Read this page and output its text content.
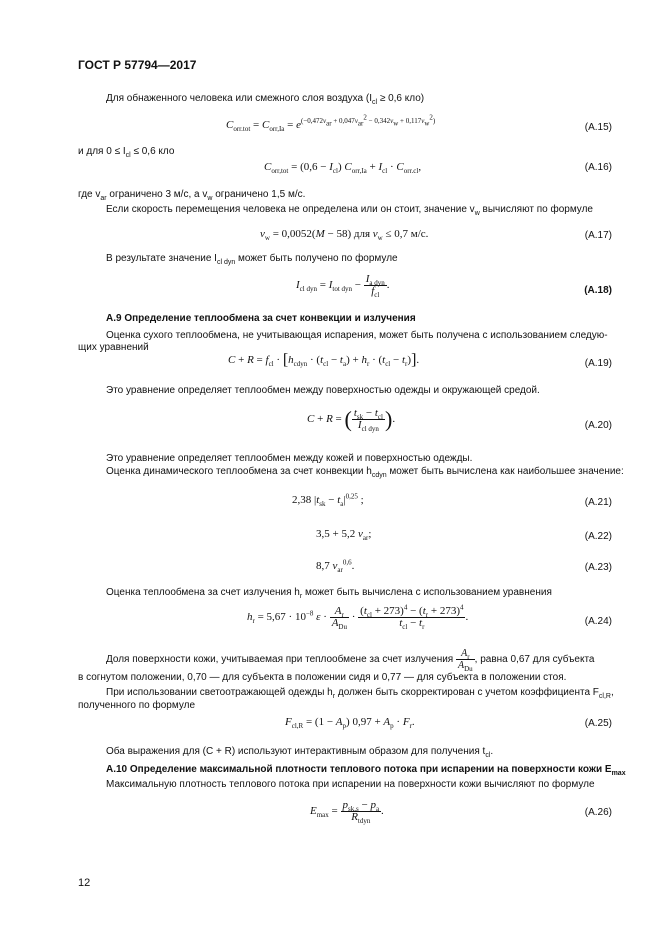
ГОСТ Р 57794—2017
Для обнаженного человека или смежного слоя воздуха ($I_{cl} \ge 0,6$ кло)
$C_{orr.tot} = C_{orr,Ia} = e^{(-0,472v_{ar} + 0,047v_{ar}^2 - 0,342v_w + 0,117v_w^2)}$
(А.15)
и для $0 \le I_{cl} \le 0,6$ кло
$C_{orr,tot} = (0,6 - I_{cl}) C_{orr,Ia} + I_{cl} \cdot C_{orr.cl}$,	(А.16)
где $v_{ar}$ ограничено 3 м/с, а $v_w$ ограничено 1,5 м/с.
Если скорость перемещения человека не определена или он стоит, значение $v_w$ вычисляют по формуле
$v_w = 0,0052(M - 58)$ для $v_w \le 0,7$ м/с.	(А.17)
В результате значение $I_{cl dyn}$ может быть получено по формуле
$I_{cl dyn} = I_{tot dyn} - \frac{I_{a dyn}}{f_{cl}}$ .	(А.18)
А.9 Определение теплообмена за счет конвекции и излучения
Оценка сухого теплообмена, не учитывающая испарения, может быть получена с использованием следую-
щих уравнений
$C + R = f_{cl} \cdot [h_{cdyn} \cdot (t_{cl} - t_a) + h_r \cdot (t_{cl} - t_r)]$.	(А.19)
Это уравнение определяет теплообмен между поверхностью одежды и окружающей средой.
C + R = ( $\frac{t_{sk} - t_{cl}}{I_{cl dyn}}$ ).
(А.20)
Это уравнение определяет теплообмен между кожей и поверхностью одежды.
Оценка динамического теплообмена за счет конвекции $h_{cdyn}$ может быть вычислена как наибольшее значение:
2,38 $|t_{sk} - t_a|^{0,25}$ ;	(А.21)
3,5 + 5,2 $v_{ar}$;	(А.22)
8,7 $v_{ar}^{0,6}$.	(А.23)
Оценка теплообмена за счет излучения $h_r$ может быть вычислена с использованием уравнения
$h_r = 5,67 \cdot 10^{-8}$ $\varepsilon \cdot \frac{A_r}{A_{Du}} \cdot \frac{(t_{cl} + 273)^4 - (t_r + 273)^4}{t_{cl} - t_r}$ .	(А.24)
Доля поверхности кожи, учитываемая при теплообмене за счет излучения $\frac{A_r}{A_{Du}}$ , равна 0,67 для субъекта
в согнутом положении, 0,70 — для субъекта в положении сидя и 0,77 — для субъекта в положении стоя.
При использовании светоотражающей одежды $h_r$ должен быть скорректирован с учетом коэффициента $F_{cl,R}$,
полученного по формуле
$F_{cl,R} = (1 - A_p) 0,97 + A_p \cdot F_r$.	(А.25)
Оба выражения для (C + R) используют интерактивным образом для получения $t_{cl}$.
А.10 Определение максимальной плотности теплового потока при испарении на поверхности кожи $E_{max}$
Максимальную плотность теплового потока при испарении на поверхности кожи вычисляют по формуле
$E_{max} = \frac{p_{sk,s} - p_a}{R_{tdyn}}$ .	(А.26)
12
